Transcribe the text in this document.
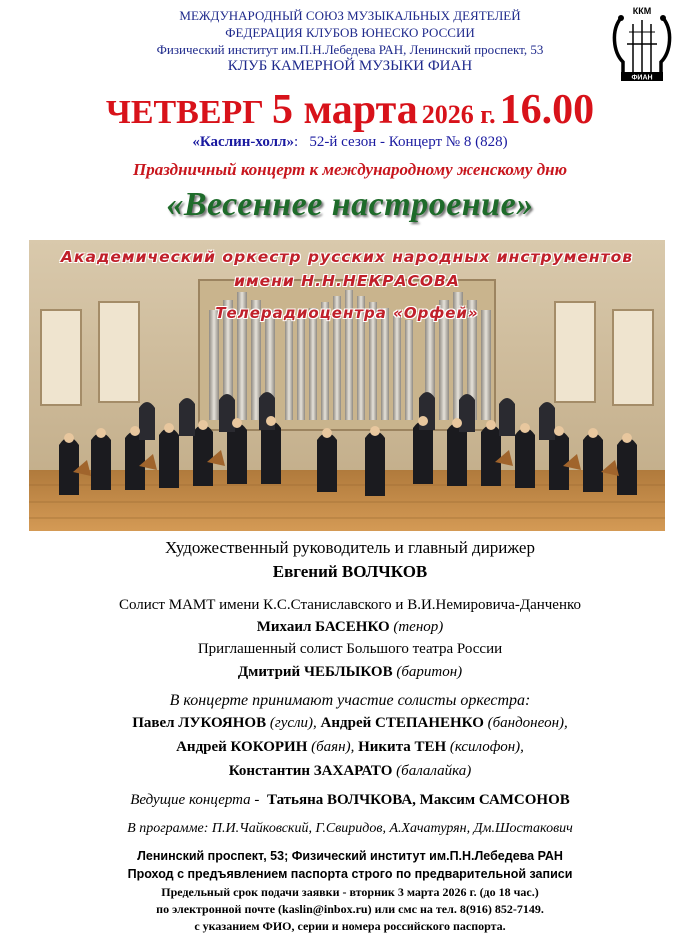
МЕЖДУНАРОДНЫЙ СОЮЗ МУЗЫКАЛЬНЫХ ДЕЯТЕЛЕЙ
ФЕДЕРАЦИЯ КЛУБОВ ЮНЕСКО РОССИИ
Физический институт им.П.Н.Лебедева РАН, Ленинский проспект, 53
КЛУБ КАМЕРНОЙ МУЗЫКИ ФИАН
ККМ
ФИАН
ЧЕТВЕРГ 5 марта 2026 г. 16.00
«Каслин-холл»:   52-й сезон - Концерт № 8 (828)
Праздничный концерт к международному женскому дню
«Весеннее настроение»
Академический оркестр русских народных инструментов
имени Н.Н.НЕКРАСОВА
Телерадиоцентра «Орфей»
Художественный руководитель и главный дирижер
Евгений ВОЛЧКОВ
Солист МАМТ имени К.С.Станиславского и В.И.Немировича-Данченко
Михаил БАСЕНКО (тенор)
Приглашенный солист Большого театра России
Дмитрий ЧЕБЛЫКОВ (баритон)
В концерте принимают участие солисты оркестра:
Павел ЛУКОЯНОВ (гусли), Андрей СТЕПАНЕНКО (бандонеон),
Андрей КОКОРИН (баян), Никита ТЕН (ксилофон),
Константин ЗАХАРАТО (балалайка)
Ведущие концерта - Татьяна ВОЛЧКОВА, Максим САМСОНОВ
В программе: П.И.Чайковский, Г.Свиридов, А.Хачатурян, Дм.Шостакович
Ленинский проспект, 53; Физический институт им.П.Н.Лебедева РАН
Проход с предъявлением паспорта строго по предварительной записи
Предельный срок подачи заявки - вторник 3 марта 2026 г. (до 18 час.)
по электронной почте (kaslin@inbox.ru) или смс на тел. 8(916) 852-7149.
с указанием ФИО, серии и номера российского паспорта.
